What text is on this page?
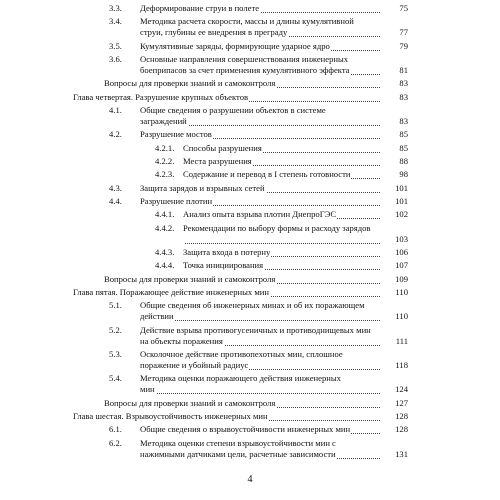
3.3. Деформирование струи в полете	75
3.4. Методика расчета скорости, массы и длины кумулятивной
струи, глубины ее внедрения в преграду	77
3.5. Кумулятивные заряды, формирующие ударное ядро	79
3.6. Основные направления совершенствования инженерных
боеприпасов за счет применения кумулятивного эффекта	81
Вопросы для проверки знаний и самоконтроля	83
Глава четвертая. Разрушение крупных объектов	83
4.1. Общие сведения о разрушении объектов в системе
заграждений	83
4.2. Разрушение мостов	85
4.2.1. Способы разрушения	85
4.2.2. Места разрушения	88
4.2.3. Содержание и перевод в I степень готовности	98
4.3. Защита зарядов и взрывных сетей	101
4.4. Разрушение плотин	101
4.4.1. Анализ опыта взрыва плотин ДнепроГЭС	102
4.4.2. Рекомендации по выбору формы и расходу зарядов
103
4.4.3. Защита входа в потерну	106
4.4.4. Точка инициирования	107
Вопросы для проверки знаний и самоконтроля	109
Глава пятая. Поражающее действие инженерных мин	110
5.1. Общие сведения об инженерных минах и об их поражающем
действии	110
5.2. Действие взрыва противогусеничных и противоднищевых мин
на объекты поражения	111
5.3. Осколочное действие противопехотных мин, сплошное
поражение и убойный радиус	118
5.4. Методика оценки поражающего действия инженерных
мин	124
Вопросы для проверки знаний и самоконтроля	127
Глава шестая. Взрывоустойчивость инженерных мин	128
6.1. Общие сведения о взрывоустойчивости инженерных мин	128
6.2. Методика оценки степени взрывоустойчивости мин с
нажимными датчиками цели, расчетные зависимости	131
4
